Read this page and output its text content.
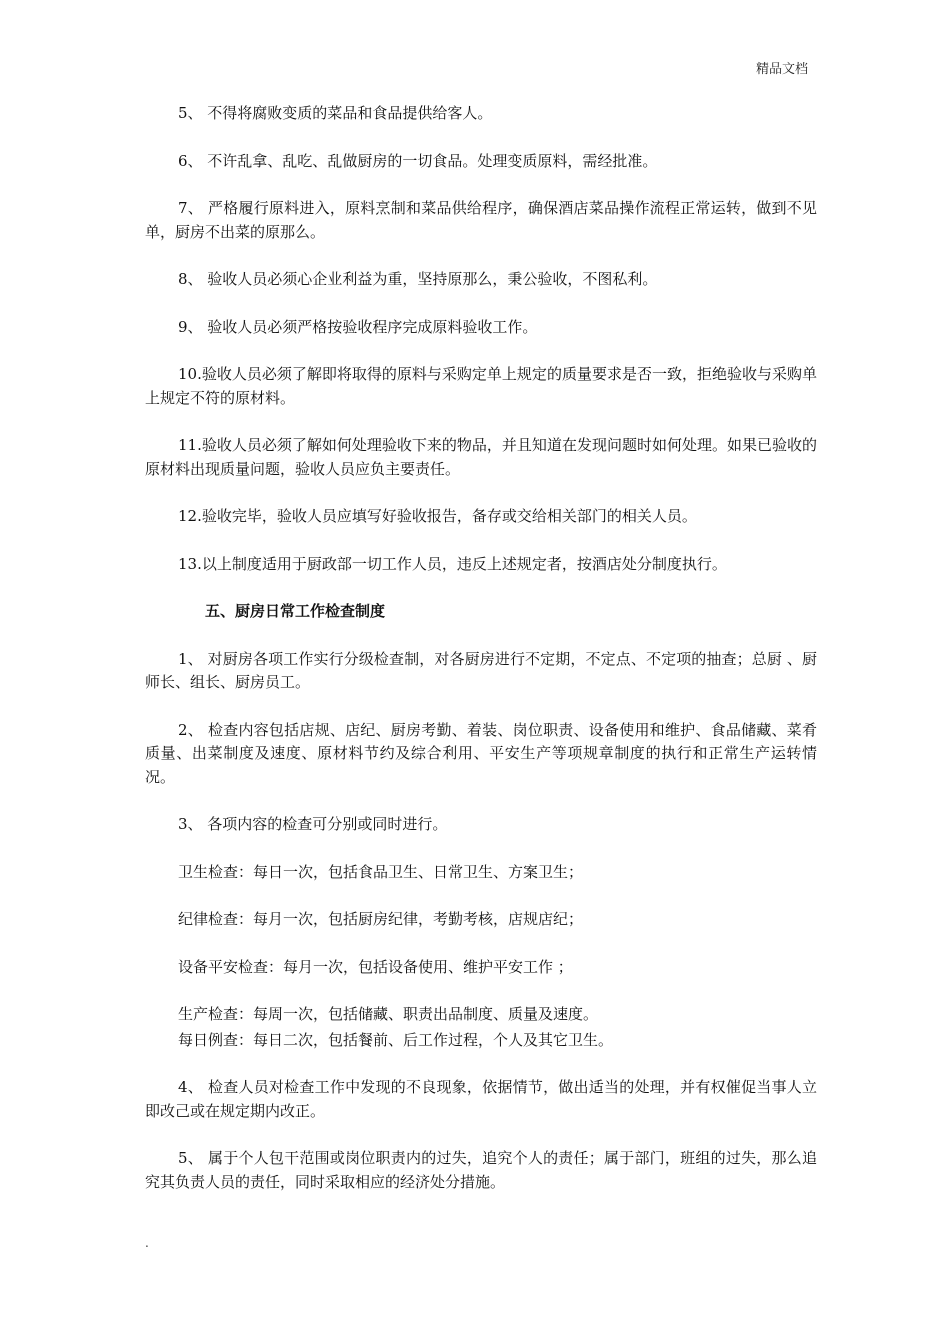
精品文档

5、 不得将腐败变质的菜品和食品提供给客人。

6、 不许乱拿、乱吃、乱做厨房的一切食品。处理变质原料，需经批准。

7、 严格履行原料进入，原料烹制和菜品供给程序，确保酒店菜品操作流程正常运转，做到不见单，厨房不出菜的原那么。

8、 验收人员必须心企业利益为重，坚持原那么，秉公验收，不图私利。

9、 验收人员必须严格按验收程序完成原料验收工作。

10.验收人员必须了解即将取得的原料与采购定单上规定的质量要求是否一致，拒绝验收与采购单上规定不符的原材料。

11.验收人员必须了解如何处理验收下来的物品，并且知道在发现问题时如何处理。如果已验收的原材料出现质量问题，验收人员应负主要责任。

12.验收完毕，验收人员应填写好验收报告，备存或交给相关部门的相关人员。

13.以上制度适用于厨政部一切工作人员，违反上述规定者，按酒店处分制度执行。

五、厨房日常工作检查制度

1、 对厨房各项工作实行分级检查制，对各厨房进行不定期，不定点、不定项的抽查；总厨 、厨师长、组长、厨房员工。

2、 检查内容包括店规、店纪、厨房考勤、着装、岗位职责、设备使用和维护、食品储藏、菜肴质量、出菜制度及速度、原材料节约及综合利用、平安生产等项规章制度的执行和正常生产运转情况。

3、 各项内容的检查可分别或同时进行。

卫生检查：每日一次，包括食品卫生、日常卫生、方案卫生；

纪律检查：每月一次，包括厨房纪律，考勤考核，店规店纪；

设备平安检查：每月一次，包括设备使用、维护平安工作 ；

生产检查：每周一次，包括储藏、职责出品制度、质量及速度。

每日例查：每日二次，包括餐前、后工作过程，个人及其它卫生。

4、 检查人员对检查工作中发现的不良现象，依据情节，做出适当的处理，并有权催促当事人立即改己或在规定期内改正。

5、 属于个人包干范围或岗位职责内的过失，追究个人的责任；属于部门，班组的过失，那么追究其负责人员的责任，同时采取相应的经济处分措施。

.
